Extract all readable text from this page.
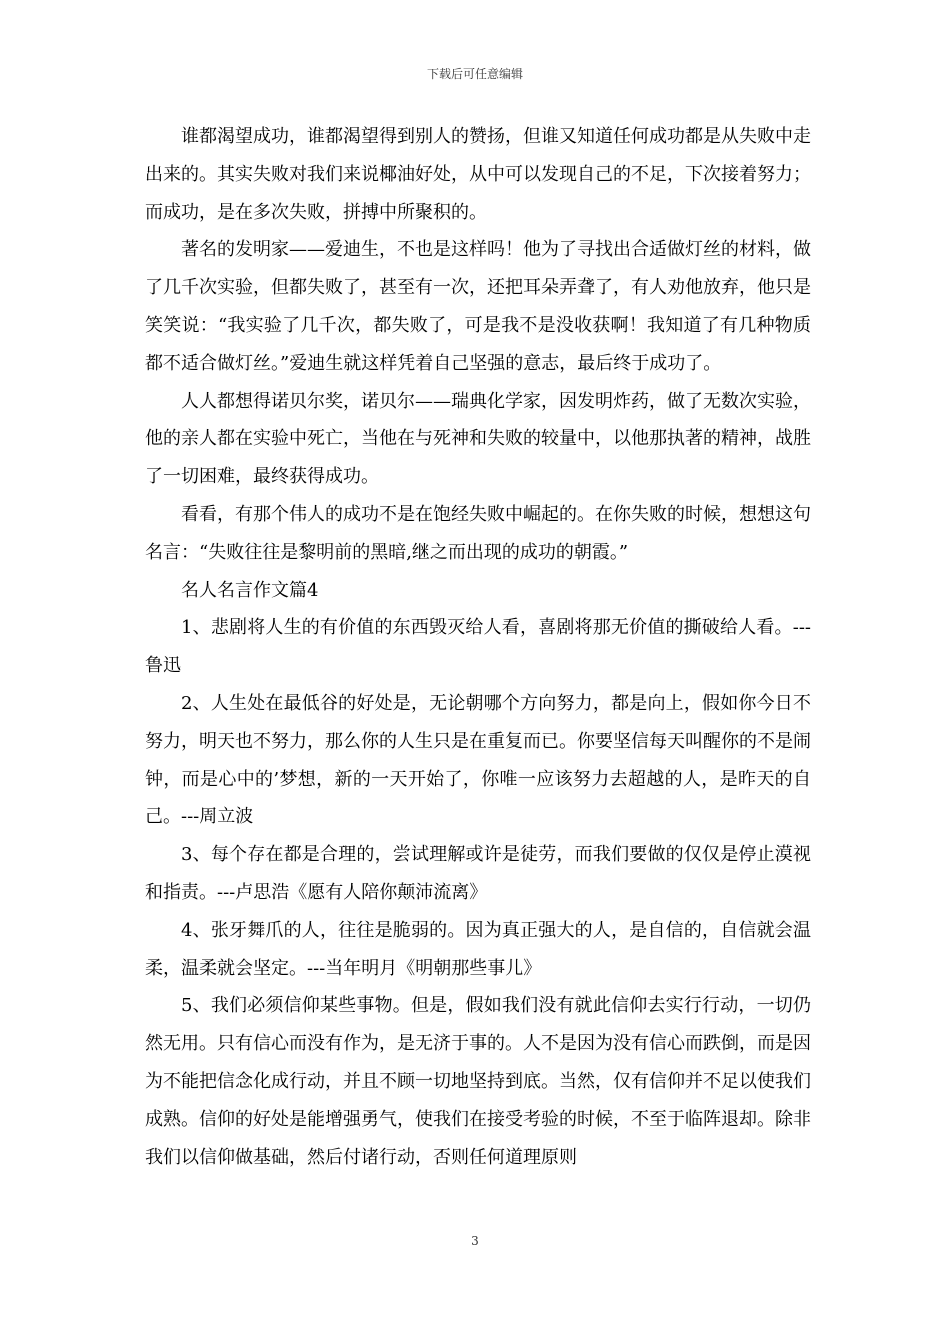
下载后可任意编辑

谁都渴望成功，谁都渴望得到别人的赞扬，但谁又知道任何成功都是从失败中走出来的。其实失败对我们来说椰油好处，从中可以发现自己的不足，下次接着努力；而成功，是在多次失败，拼搏中所聚积的。

著名的发明家——爱迪生，不也是这样吗！他为了寻找出合适做灯丝的材料，做了几千次实验，但都失败了，甚至有一次，还把耳朵弄聋了，有人劝他放弃，他只是笑笑说：“我实验了几千次，都失败了，可是我不是没收获啊！我知道了有几种物质都不适合做灯丝。”爱迪生就这样凭着自己坚强的意志，最后终于成功了。

人人都想得诺贝尔奖，诺贝尔——瑞典化学家，因发明炸药，做了无数次实验，他的亲人都在实验中死亡，当他在与死神和失败的较量中，以他那执著的精神，战胜了一切困难，最终获得成功。

看看，有那个伟人的成功不是在饱经失败中崛起的。在你失败的时候，想想这句名言：“失败往往是黎明前的黑暗,继之而出现的成功的朝霞。”

名人名言作文篇4

1、悲剧将人生的有价值的东西毁灭给人看，喜剧将那无价值的撕破给人看。---鲁迅

2、人生处在最低谷的好处是，无论朝哪个方向努力，都是向上，假如你今日不努力，明天也不努力，那么你的人生只是在重复而已。你要坚信每天叫醒你的不是闹钟，而是心中的’梦想，新的一天开始了，你唯一应该努力去超越的人，是昨天的自己。---周立波

3、每个存在都是合理的，尝试理解或许是徒劳，而我们要做的仅仅是停止漠视和指责。---卢思浩《愿有人陪你颠沛流离》

4、张牙舞爪的人，往往是脆弱的。因为真正强大的人，是自信的，自信就会温柔，温柔就会坚定。---当年明月《明朝那些事儿》

5、我们必须信仰某些事物。但是，假如我们没有就此信仰去实行行动，一切仍然无用。只有信心而没有作为，是无济于事的。人不是因为没有信心而跌倒，而是因为不能把信念化成行动，并且不顾一切地坚持到底。当然，仅有信仰并不足以使我们成熟。信仰的好处是能增强勇气，使我们在接受考验的时候，不至于临阵退却。除非我们以信仰做基础，然后付诸行动，否则任何道理原则

3
